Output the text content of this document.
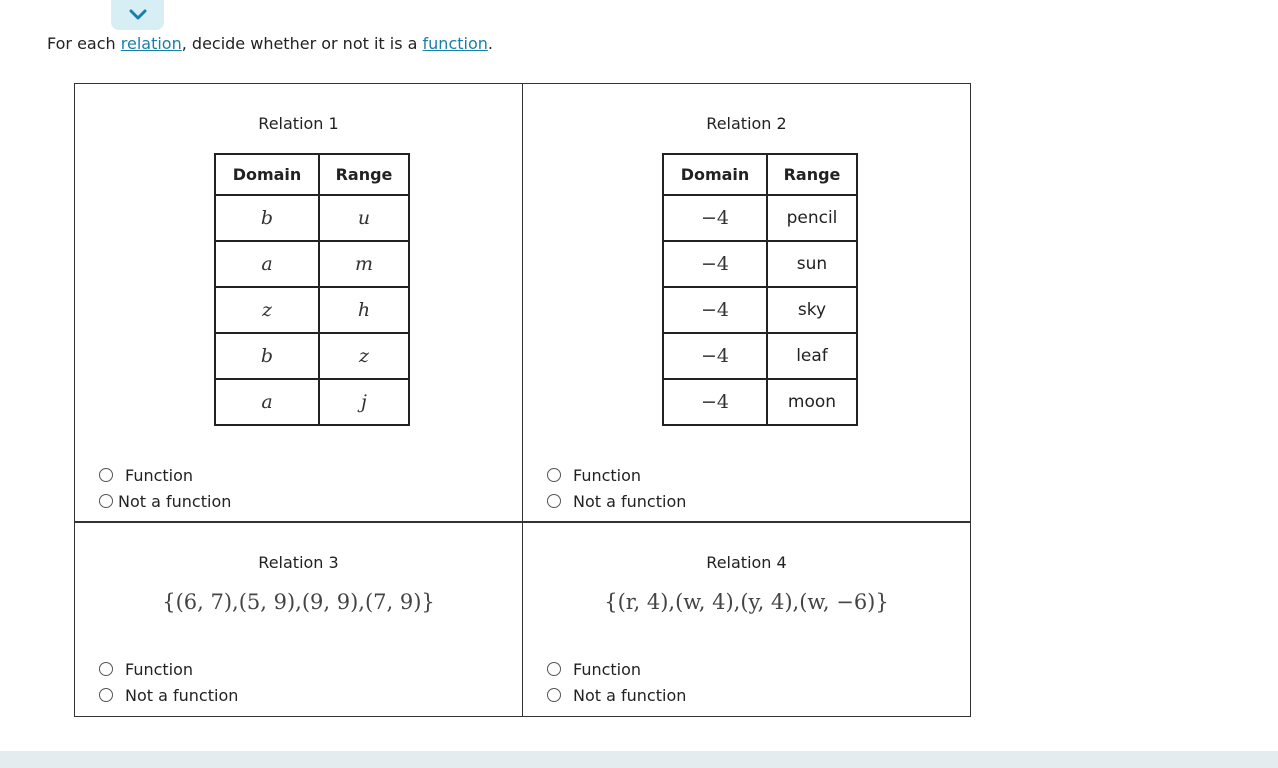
For each relation, decide whether or not it is a function.
Relation 1
Domain	Range
b	u
a	m
z	h
b	z
a	j
Function
Not a function
Relation 2
Domain	Range
−4	pencil
−4	sun
−4	sky
−4	leaf
−4	moon
Function
Not a function
Relation 3
{(6, 7),(5, 9),(9, 9),(7, 9)}
Function
Not a function
Relation 4
{(r, 4),(w, 4),(y, 4),(w, −6)}
Function
Not a function
